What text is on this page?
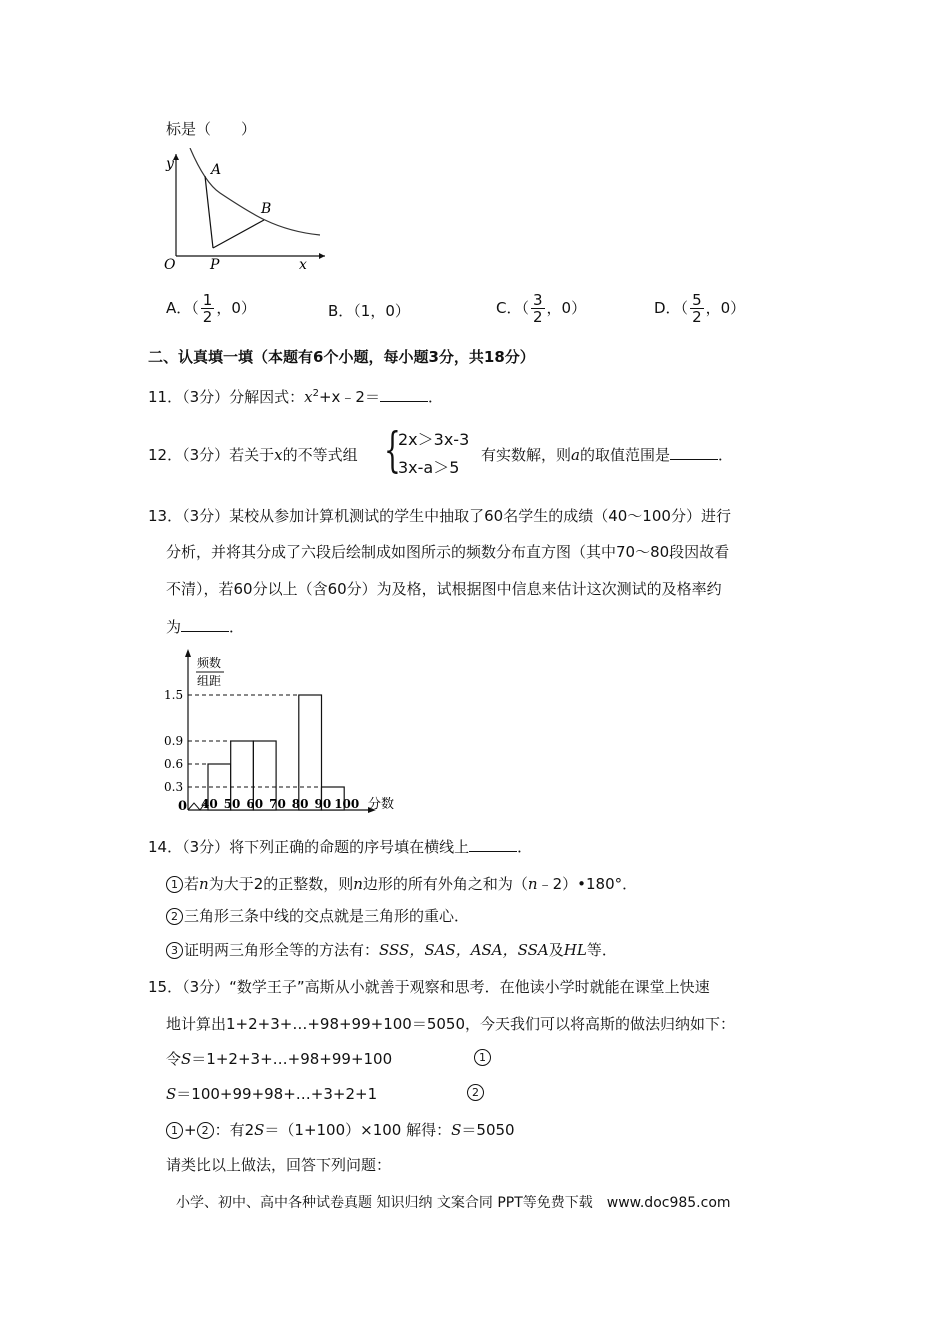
标是（　　）
y	A
B
O P	x
A．（ $\frac{1}{2}$ ，0）	B．（1，0）	C．（ $\frac{3}{2}$ ，0）	D．（ $\frac{5}{2}$ ，0）
二、认真填一填（本题有6个小题，每小题3分，共18分）
11．（3分）分解因式：$x^2+x﹣2=$	．
12．（3分）若关于x的不等式组 {
2x＞3x-3
3x-a＞5
有实数解，则a的取值范围是	．
13．（3分）某校从参加计算机测试的学生中抽取了60名学生的成绩（40～100分）进行
分析，并将其分成了六段后绘制成如图所示的频数分布直方图（其中70～80段因故看
不清），若60分以上（含60分）为及格，试根据图中信息来估计这次测试的及格率约
为	．
频数
组距
0	分数
0.3
0.6
0.9
1.5
40 50 60 70 80 90 100
14．（3分）将下列正确的命题的序号填在横线上	．
1 若n为大于2的正整数，则n边形的所有外角之和为（n﹣2）•180°．
2 三角形三条中线的交点就是三角形的重心．
3 证明两三角形全等的方法有：SSS，SAS，ASA，SSA及HL等．
15．（3分）“数学王子”高斯从小就善于观察和思考．在他读小学时就能在课堂上快速
地计算出1+2+3+…+98+99+100＝5050，今天我们可以将高斯的做法归纳如下：
令S＝1+2+3+…+98+99+100	1
S＝100+99+98+…+3+2+1	2
1 + 2 ：有2S＝（1+100）×100 解得：S＝5050
请类比以上做法，回答下列问题：
小学、初中、高中各种试卷真题 知识归纳 文案合同 PPT等免费下载　www.doc985.com
